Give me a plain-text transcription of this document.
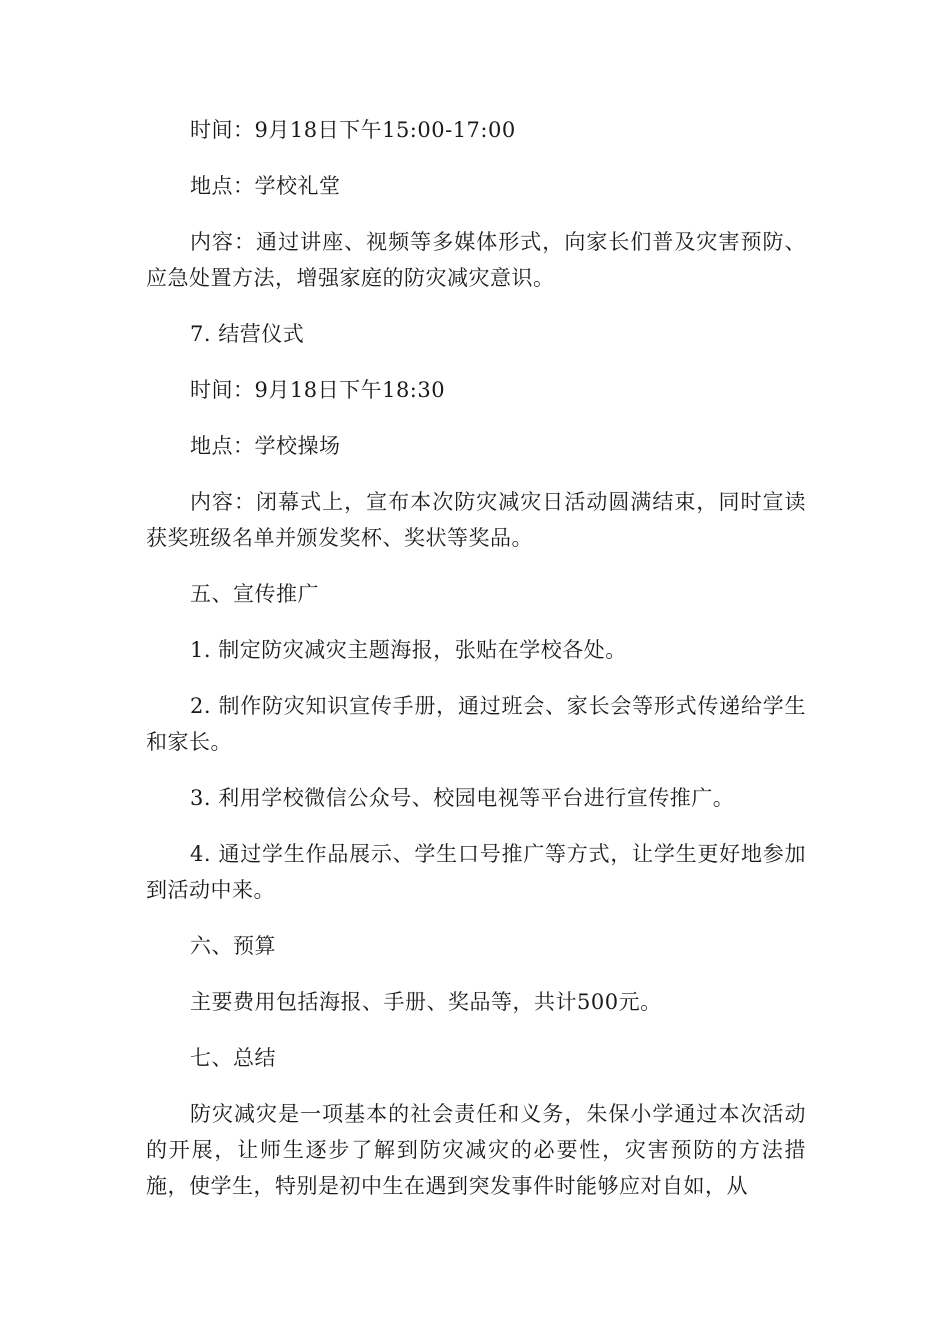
时间：9月18日下午15:00-17:00

地点：学校礼堂

内容：通过讲座、视频等多媒体形式，向家长们普及灾害预防、应急处置方法，增强家庭的防灾减灾意识。

7. 结营仪式

时间：9月18日下午18:30

地点：学校操场

内容：闭幕式上，宣布本次防灾减灾日活动圆满结束，同时宣读获奖班级名单并颁发奖杯、奖状等奖品。

五、宣传推广

1. 制定防灾减灾主题海报，张贴在学校各处。

2. 制作防灾知识宣传手册，通过班会、家长会等形式传递给学生和家长。

3. 利用学校微信公众号、校园电视等平台进行宣传推广。

4. 通过学生作品展示、学生口号推广等方式，让学生更好地参加到活动中来。

六、预算

主要费用包括海报、手册、奖品等，共计500元。

七、总结

防灾减灾是一项基本的社会责任和义务，朱保小学通过本次活动的开展，让师生逐步了解到防灾减灾的必要性，灾害预防的方法措施，使学生，特别是初中生在遇到突发事件时能够应对自如，从
